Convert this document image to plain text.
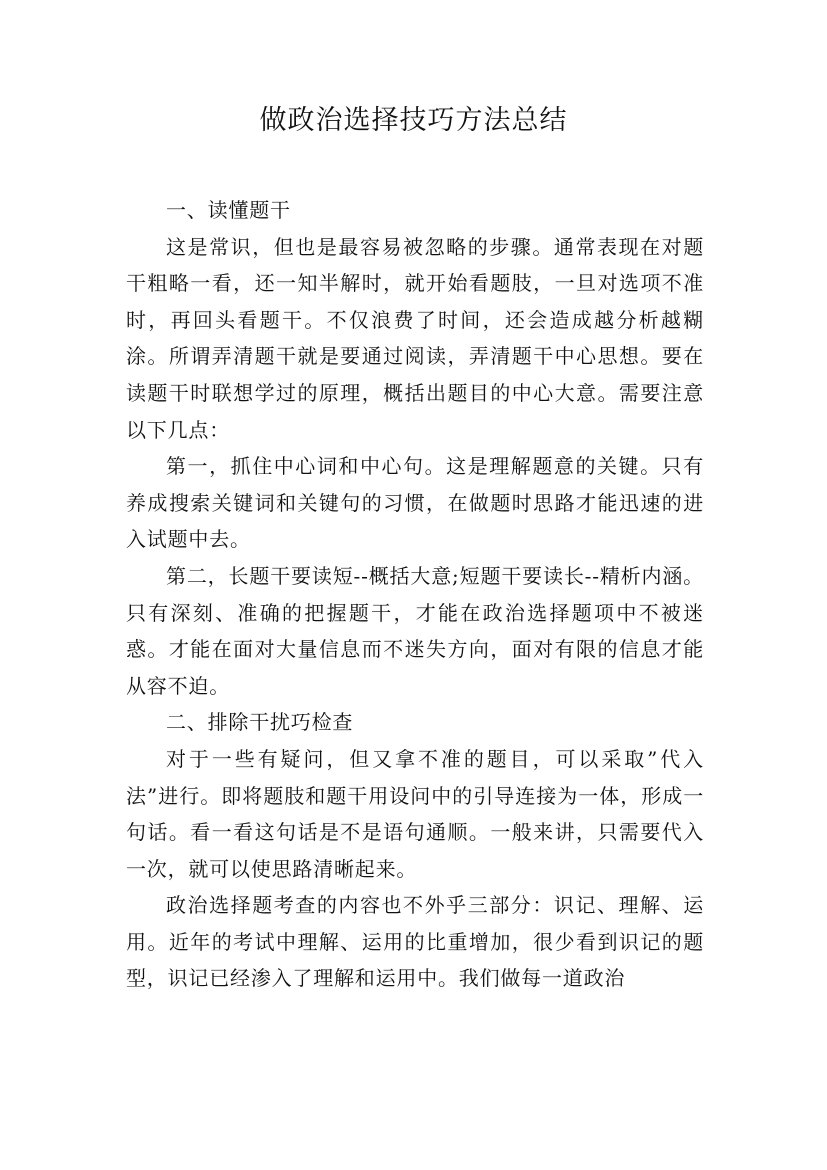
做政治选择技巧方法总结

一、读懂题干

这是常识，但也是最容易被忽略的步骤。通常表现在对题干粗略一看，还一知半解时，就开始看题肢，一旦对选项不准时，再回头看题干。不仅浪费了时间，还会造成越分析越糊涂。所谓弄清题干就是要通过阅读，弄清题干中心思想。要在读题干时联想学过的原理，概括出题目的中心大意。需要注意以下几点：

第一，抓住中心词和中心句。这是理解题意的关键。只有养成搜索关键词和关键句的习惯，在做题时思路才能迅速的进入试题中去。

第二，长题干要读短--概括大意;短题干要读长--精析内涵。只有深刻、准确的把握题干，才能在政治选择题项中不被迷惑。才能在面对大量信息而不迷失方向，面对有限的信息才能从容不迫。

二、排除干扰巧检查

对于一些有疑问，但又拿不准的题目，可以采取”代入法”进行。即将题肢和题干用设问中的引导连接为一体，形成一句话。看一看这句话是不是语句通顺。一般来讲，只需要代入一次，就可以使思路清晰起来。

政治选择题考查的内容也不外乎三部分：识记、理解、运用。近年的考试中理解、运用的比重增加，很少看到识记的题型，识记已经渗入了理解和运用中。我们做每一道政治
